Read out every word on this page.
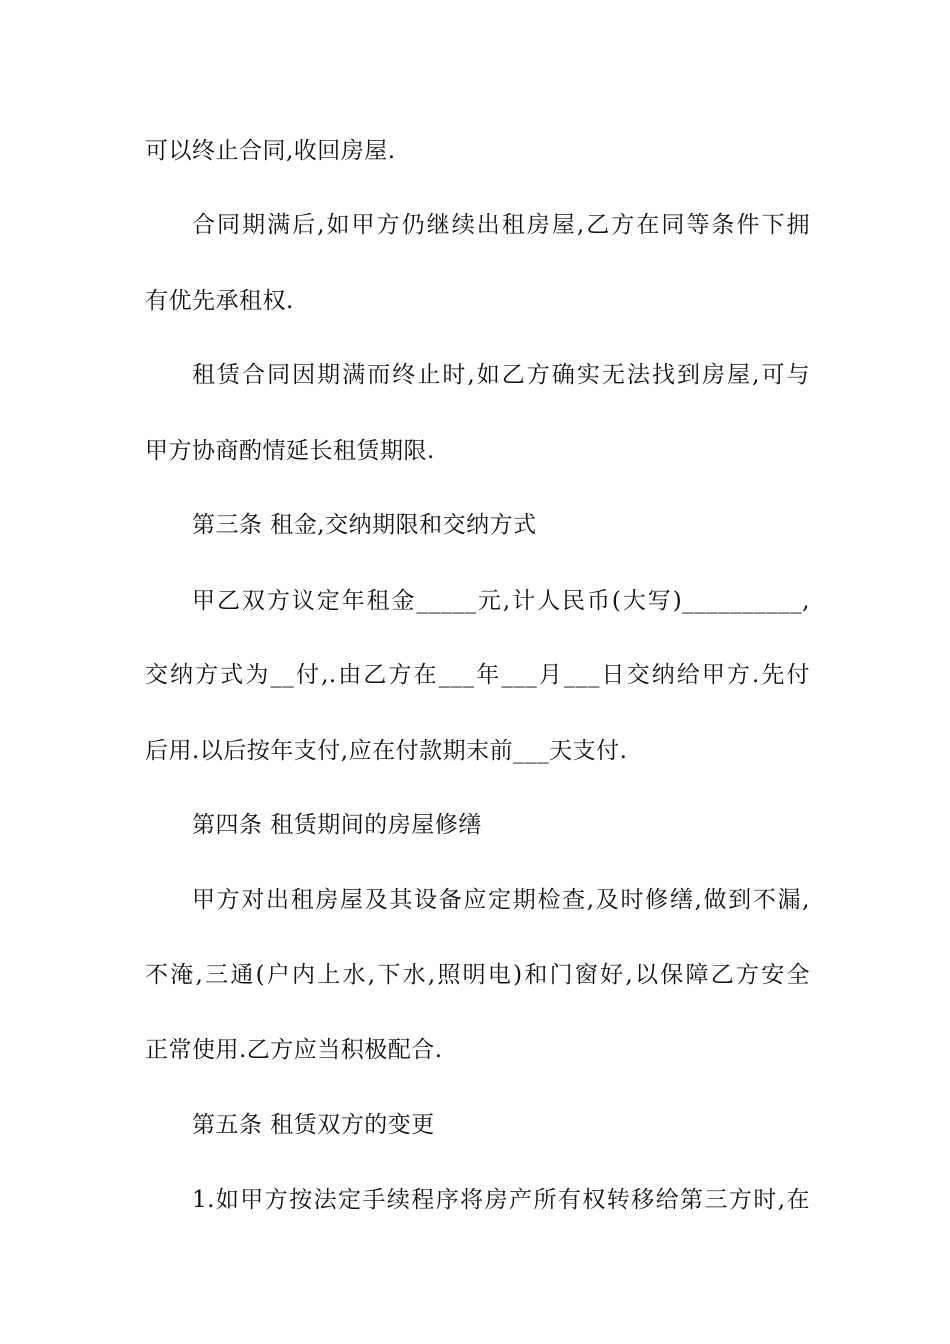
可以终止合同,收回房屋.
合同期满后,如甲方仍继续出租房屋,乙方在同等条件下拥
有优先承租权.
租赁合同因期满而终止时,如乙方确实无法找到房屋,可与
甲方协商酌情延长租赁期限.
第三条 租金,交纳期限和交纳方式
甲乙双方议定年租金_____元,计人民币(大写)__________,
交纳方式为__付,.由乙方在___年___月___日交纳给甲方.先付
后用.以后按年支付,应在付款期末前___天支付.
第四条 租赁期间的房屋修缮
甲方对出租房屋及其设备应定期检查,及时修缮,做到不漏,
不淹,三通(户内上水,下水,照明电)和门窗好,以保障乙方安全
正常使用.乙方应当积极配合.
第五条 租赁双方的变更
1.如甲方按法定手续程序将房产所有权转移给第三方时,在
